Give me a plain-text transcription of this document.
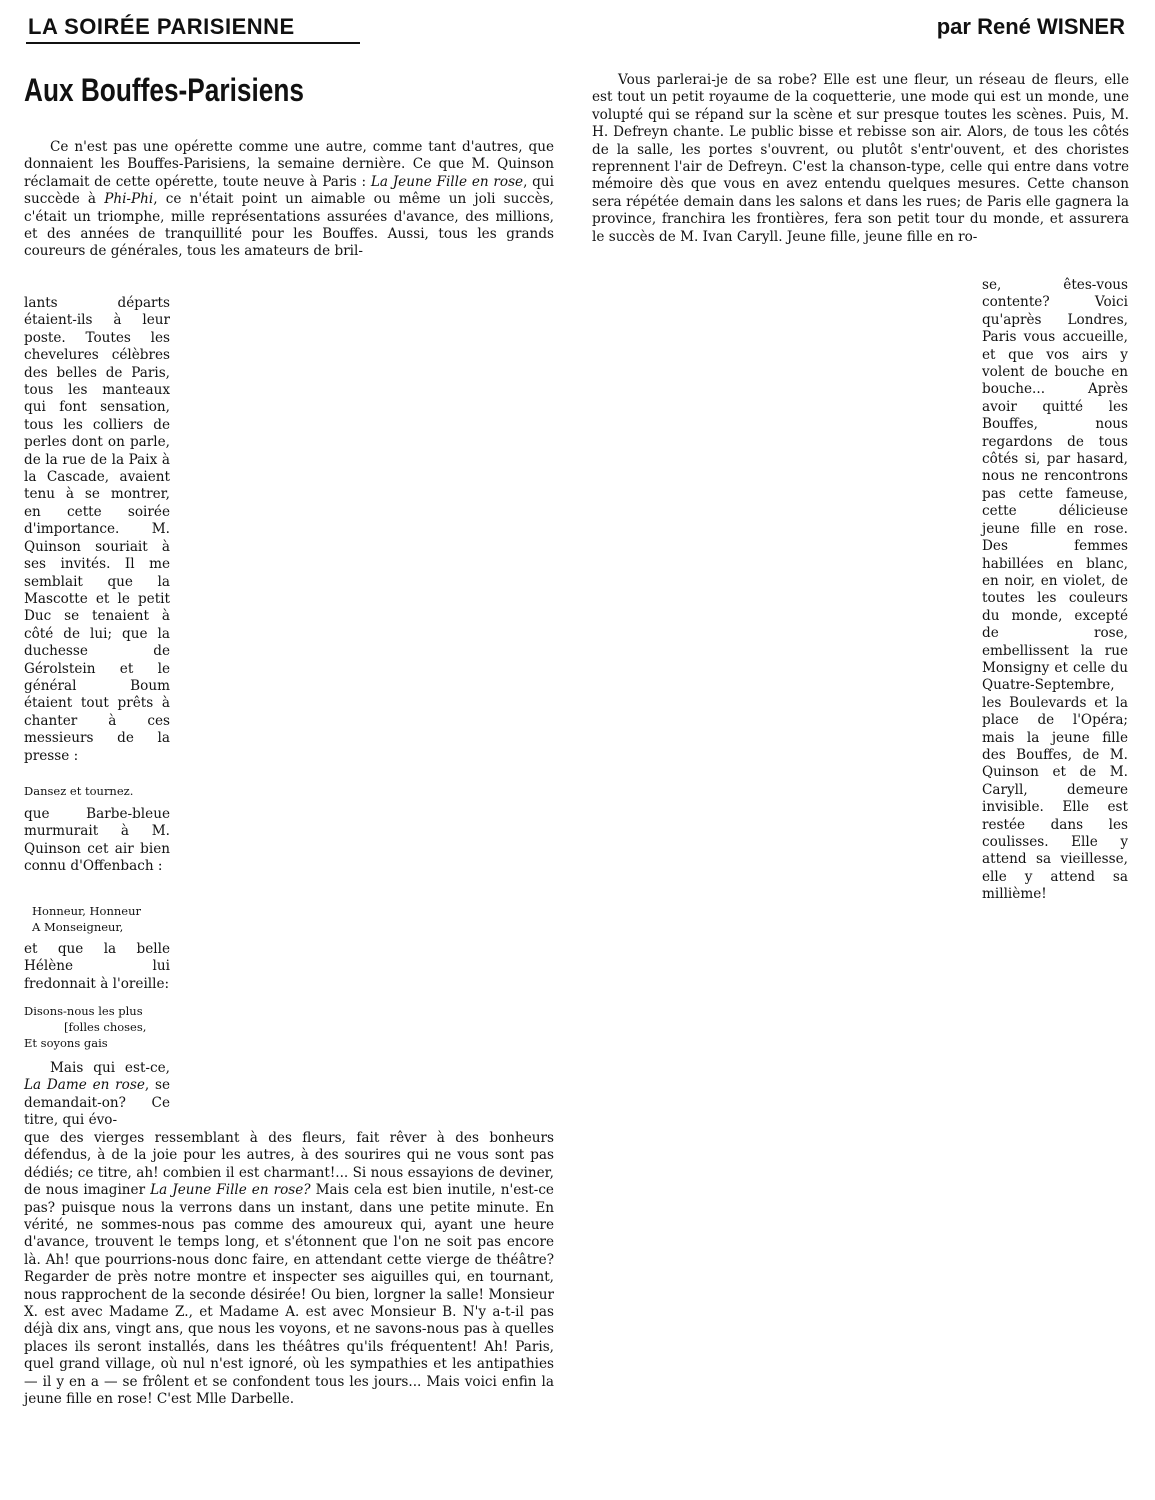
LA SOIRÉE PARISIENNE	par René WISNER
Aux Bouffes-Parisiens
Ce n'est pas une opérette comme une autre, comme tant d'autres, que donnaient les Bouffes-Parisiens, la semaine dernière. Ce que M. Quinson réclamait de cette opérette, toute neuve à Paris : La Jeune Fille en rose, qui succède à Phi-Phi, ce n'était point un aimable ou même un joli succès, c'était un triomphe, mille représentations assurées d'avance, des millions, et des années de tranquillité pour les Bouffes. Aussi, tous les grands coureurs de générales, tous les amateurs de bril-
lants départs étaient-ils à leur poste. Toutes les chevelures célèbres des belles de Paris, tous les manteaux qui font sensation, tous les colliers de perles dont on parle, de la rue de la Paix à la Cascade, avaient tenu à se montrer, en cette soirée d'importance. M. Quinson souriait à ses invités. Il me semblait que la Mascotte et le petit Duc se tenaient à côté de lui; que la duchesse de Gérolstein et le général Boum étaient tout prêts à chanter à ces messieurs de la presse :
Dansez et tournez.
que Barbe-bleue murmurait à M. Quinson cet air bien connu d'Offenbach :
Honneur, Honneur
A Monseigneur,
et que la belle Hélène lui fredonnait à l'oreille:
Disons-nous les plus
[folles choses,
Et soyons gais
Mais qui est-ce, La Dame en rose, se demandait-on? Ce titre, qui évo-
que des vierges ressemblant à des fleurs, fait rêver à des bonheurs défendus, à de la joie pour les autres, à des sourires qui ne vous sont pas dédiés; ce titre, ah! combien il est charmant!... Si nous essayions de deviner, de nous imaginer La Jeune Fille en rose? Mais cela est bien inutile, n'est-ce pas? puisque nous la verrons dans un instant, dans une petite minute. En vérité, ne sommes-nous pas comme des amoureux qui, ayant une heure d'avance, trouvent le temps long, et s'étonnent que l'on ne soit pas encore là. Ah! que pourrions-nous donc faire, en attendant cette vierge de théâtre? Regarder de près notre montre et inspecter ses aiguilles qui, en tournant, nous rapprochent de la seconde désirée! Ou bien, lorgner la salle! Monsieur X. est avec Madame Z., et Madame A. est avec Monsieur B. N'y a-t-il pas déjà dix ans, vingt ans, que nous les voyons, et ne savons-nous pas à quelles places ils seront installés, dans les théâtres qu'ils fréquentent! Ah! Paris, quel grand village, où nul n'est ignoré, où les sympathies et les antipathies — il y en a — se frôlent et se confondent tous les jours... Mais voici enfin la jeune fille en rose! C'est Mlle Darbelle.
Vous parlerai-je de sa robe? Elle est une fleur, un réseau de fleurs, elle est tout un petit royaume de la coquetterie, une mode qui est un monde, une volupté qui se répand sur la scène et sur presque toutes les scènes. Puis, M. H. Defreyn chante. Le public bisse et rebisse son air. Alors, de tous les côtés de la salle, les portes s'ouvrent, ou plutôt s'entr'ouvent, et des choristes reprennent l'air de Defreyn. C'est la chanson-type, celle qui entre dans votre mémoire dès que vous en avez entendu quelques mesures. Cette chanson sera répétée demain dans les salons et dans les rues; de Paris elle gagnera la province, franchira les frontières, fera son petit tour du monde, et assurera le succès de M. Ivan Caryll. Jeune fille, jeune fille en ro-
se, êtes-vous contente? Voici qu'après Londres, Paris vous accueille, et que vos airs y volent de bouche en bouche... Après avoir quitté les Bouffes, nous regardons de tous côtés si, par hasard, nous ne rencontrons pas cette fameuse, cette délicieuse jeune fille en rose. Des femmes habillées en blanc, en noir, en violet, de toutes les couleurs du monde, excepté de rose, embellissent la rue Monsigny et celle du Quatre-Septembre, les Boulevards et la place de l'Opéra; mais la jeune fille des Bouffes, de M. Quinson et de M. Caryll, demeure invisible. Elle est restée dans les coulisses. Elle y attend sa vieillesse, elle y attend sa millième!
